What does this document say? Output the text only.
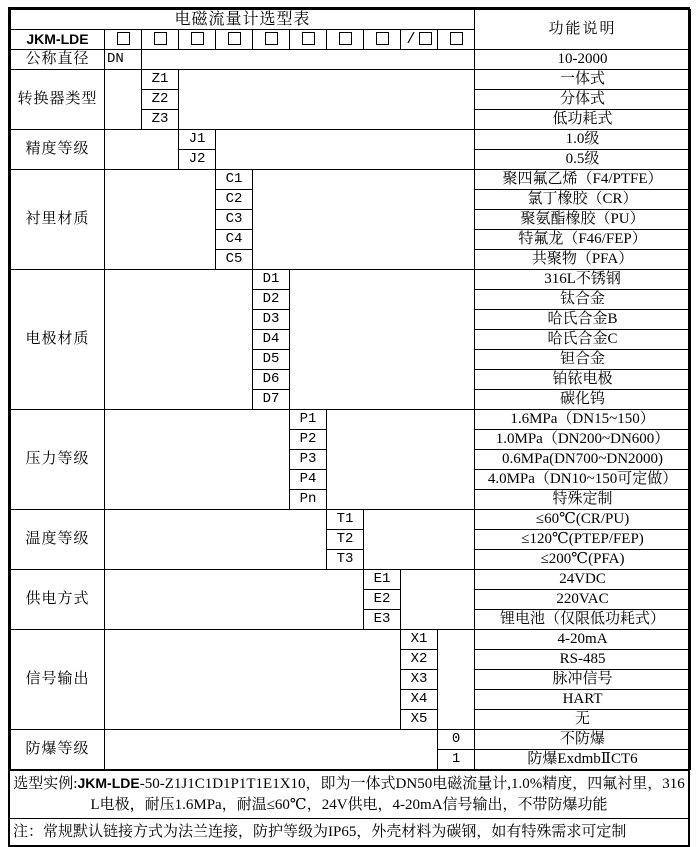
电磁流量计选型表											功能说明
JKM-LDE									/		
公称直径	DN										10-2000
转换器类型		Z1									一体式
		Z2									分体式
		Z3									低功耗式
精度等级			J1								1.0级
			J2								0.5级
衬里材质				C1							聚四氟乙烯（F4/PTFE）
				C2							氯丁橡胶（CR）
				C3							聚氨酯橡胶（PU）
				C4							特氟龙（F46/FEP）
				C5							共聚物（PFA）
电极材质					D1						316L不锈钢
					D2						钛合金
					D3						哈氏合金B
					D4						哈氏合金C
					D5						钽合金
					D6						铂铱电极
					D7						碳化钨
压力等级						P1					1.6MPa（DN15~150）
						P2					1.0MPa（DN200~DN600）
						P3					0.6MPa(DN700~DN2000)
						P4					4.0MPa（DN10~150可定做）
						Pn					特殊定制
温度等级							T1				≤60℃(CR/PU)
							T2				≤120℃(PTEP/FEP)
							T3				≤200℃(PFA)
供电方式								E1			24VDC
								E2			220VAC
								E3			锂电池（仅限低功耗式）
信号输出									X1		4-20mA
									X2		RS-485
									X3		脉冲信号
									X4		HART
									X5		无
防爆等级										0	不防爆
										1	防爆ExdmbⅡCT6
选型实例:JKM-LDE-50-Z1J1C1D1P1T1E1X10，即为一体式DN50电磁流量计,1.0%精度，四氟衬里，316L电极，耐压1.6MPa，耐温≤60℃，24V供电，4-20mA信号输出，不带防爆功能
注：常规默认链接方式为法兰连接，防护等级为IP65，外壳材料为碳钢，如有特殊需求可定制
